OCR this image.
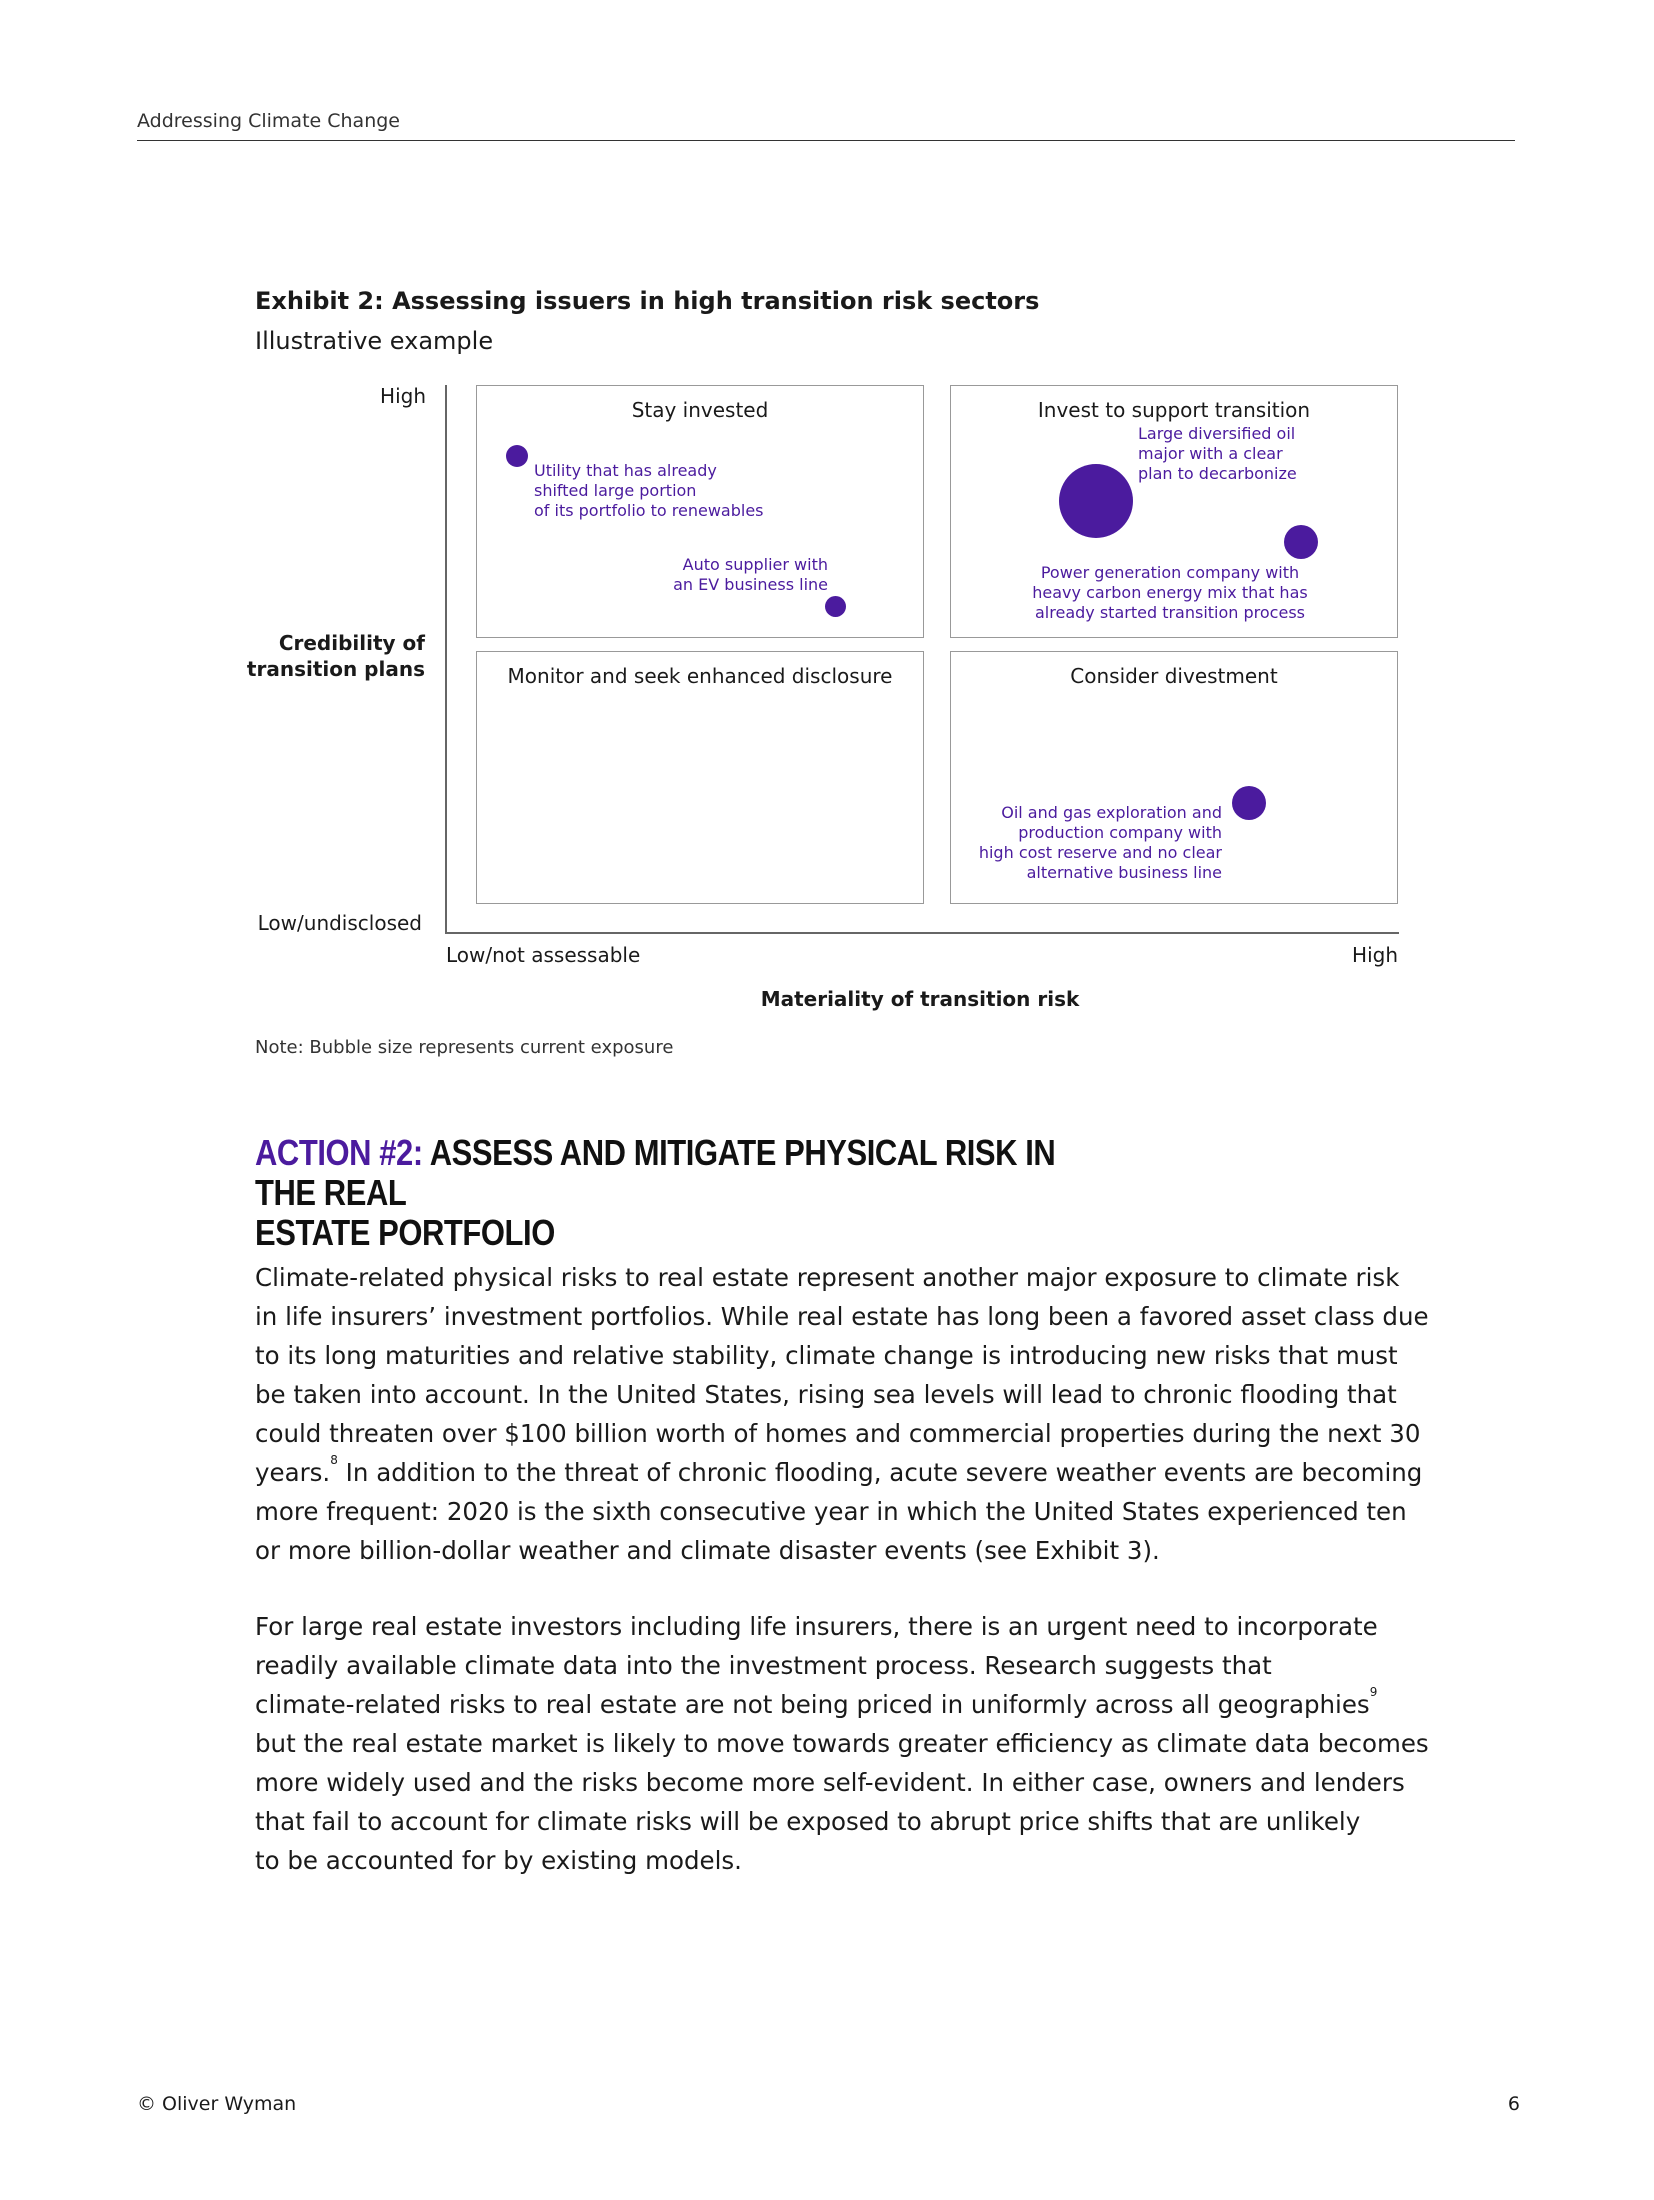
Addressing Climate Change
Exhibit 2: Assessing issuers in high transition risk sectors
Illustrative example
High
Credibility of transition plans
Low/undisclosed
Low/not assessable	High
Materiality of transition risk
Stay invested	Invest to support transition
Monitor and seek enhanced disclosure	Consider divestment
Utility that has already
shifted large portion
of its portfolio to renewables
Auto supplier with
an EV business line
Large diversified oil
major with a clear
plan to decarbonize
Power generation company with
heavy carbon energy mix that has
already started transition process
Oil and gas exploration and
production company with
high cost reserve and no clear
alternative business line
Note: Bubble size represents current exposure
ACTION #2: ASSESS AND MITIGATE PHYSICAL RISK IN THE REAL
ESTATE PORTFOLIO
Climate-related physical risks to real estate represent another major exposure to climate risk
in life insurers’ investment portfolios. While real estate has long been a favored asset class due
to its long maturities and relative stability, climate change is introducing new risks that must
be taken into account. In the United States, rising sea levels will lead to chronic flooding that
could threaten over $100 billion worth of homes and commercial properties during the next 30
years.$^8$ In addition to the threat of chronic flooding, acute severe weather events are becoming
more frequent: 2020 is the sixth consecutive year in which the United States experienced ten
or more billion-dollar weather and climate disaster events (see Exhibit 3).
For large real estate investors including life insurers, there is an urgent need to incorporate
readily available climate data into the investment process. Research suggests that
climate-related risks to real estate are not being priced in uniformly across all geographies$^9$
but the real estate market is likely to move towards greater efficiency as climate data becomes
more widely used and the risks become more self-evident. In either case, owners and lenders
that fail to account for climate risks will be exposed to abrupt price shifts that are unlikely
to be accounted for by existing models.
© Oliver Wyman	6
